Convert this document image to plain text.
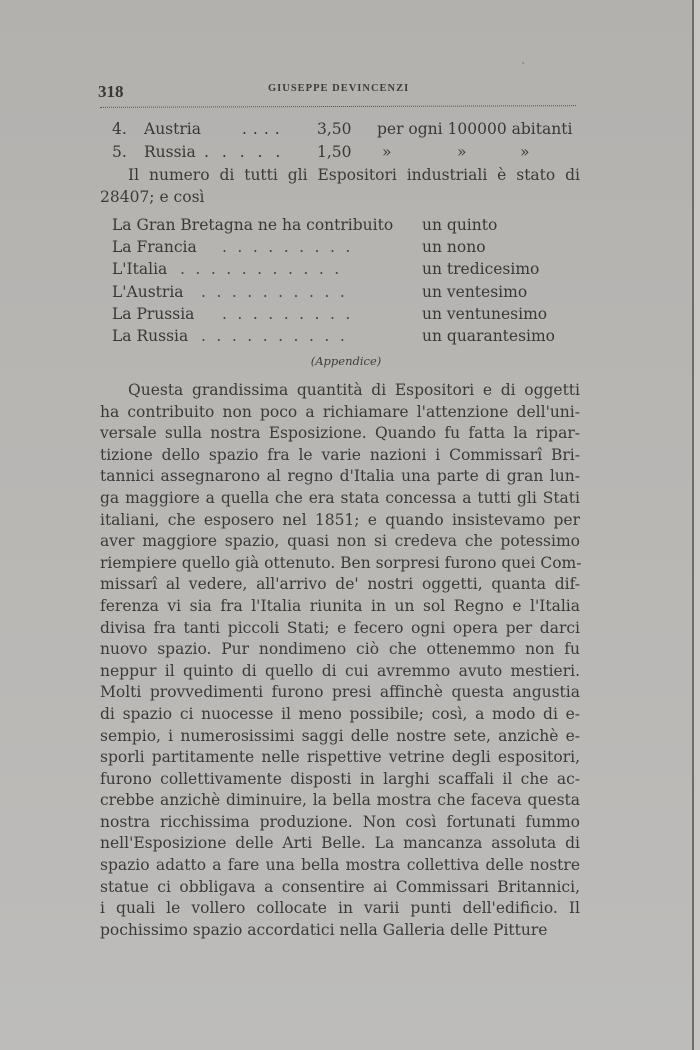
318	GIUSEPPE DEVINCENZI
4. Austria	.... 3,50 per ogni 100000 abitanti
5. Russia . . . . . 1,50 »	»	»
Il numero di tutti gli Espositori industriali è stato di
28407; e così
La Gran Bretagna ne ha contribuito un quinto
La Francia .........	un nono
L'Italia ...........	un tredicesimo
L'Austria ..........	un ventesimo
La Prussia .........	un ventunesimo
La Russia ..........	un quarantesimo
(Appendice)
Questa grandissima quantità di Espositori e di oggetti
ha contribuito non poco a richiamare l'attenzione dell'uni-
versale sulla nostra Esposizione. Quando fu fatta la ripar-
tizione dello spazio fra le varie nazioni i Commissarî Bri-
tannici assegnarono al regno d'Italia una parte di gran lun-
ga maggiore a quella che era stata concessa a tutti gli Stati
italiani, che esposero nel 1851; e quando insistevamo per
aver maggiore spazio, quasi non si credeva che potessimo
riempiere quello già ottenuto. Ben sorpresi furono quei Com-
missarî al vedere, all'arrivo de' nostri oggetti, quanta dif-
ferenza vi sia fra l'Italia riunita in un sol Regno e l'Italia
divisa fra tanti piccoli Stati; e fecero ogni opera per darci
nuovo spazio. Pur nondimeno ciò che ottenemmo non fu
neppur il quinto di quello di cui avremmo avuto mestieri.
Molti provvedimenti furono presi affinchè questa angustia
di spazio ci nuocesse il meno possibile; così, a modo di e-
sempio, i numerosissimi saggi delle nostre sete, anzichè e-
sporli partitamente nelle rispettive vetrine degli espositori,
furono collettivamente disposti in larghi scaffali il che ac-
crebbe anzichè diminuire, la bella mostra che faceva questa
nostra ricchissima produzione. Non così fortunati fummo
nell'Esposizione delle Arti Belle. La mancanza assoluta di
spazio adatto a fare una bella mostra collettiva delle nostre
statue ci obbligava a consentire ai Commissari Britannici,
i quali le vollero collocate in varii punti dell'edificio. Il
pochissimo spazio accordatici nella Galleria delle Pitture
